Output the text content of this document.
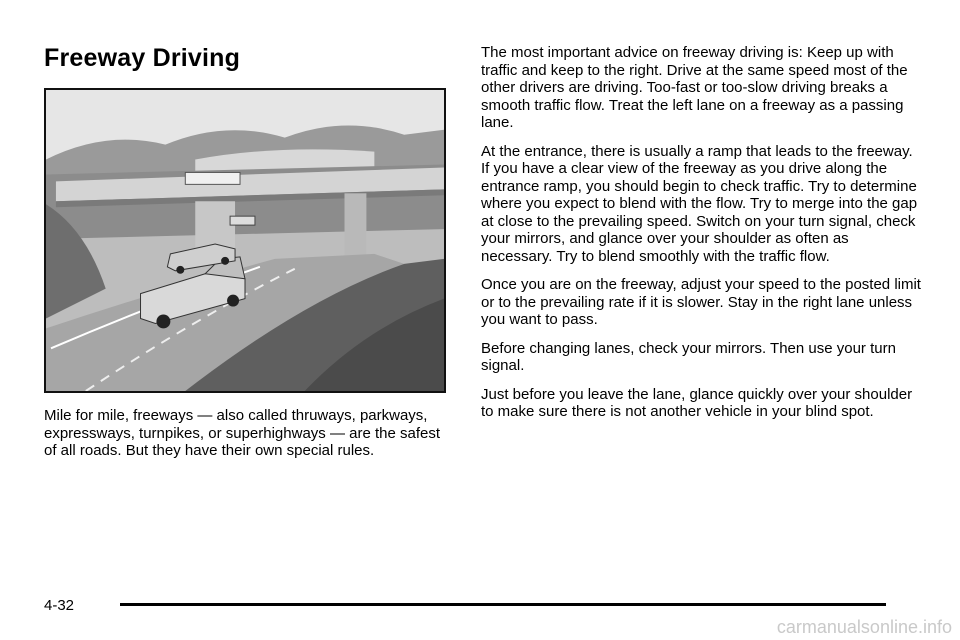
Freeway Driving

Mile for mile, freeways — also called thruways, parkways, expressways, turnpikes, or superhighways — are the safest of all roads. But they have their own special rules.

The most important advice on freeway driving is: Keep up with traffic and keep to the right. Drive at the same speed most of the other drivers are driving. Too-fast or too-slow driving breaks a smooth traffic flow. Treat the left lane on a freeway as a passing lane.

At the entrance, there is usually a ramp that leads to the freeway. If you have a clear view of the freeway as you drive along the entrance ramp, you should begin to check traffic. Try to determine where you expect to blend with the flow. Try to merge into the gap at close to the prevailing speed. Switch on your turn signal, check your mirrors, and glance over your shoulder as often as necessary. Try to blend smoothly with the traffic flow.

Once you are on the freeway, adjust your speed to the posted limit or to the prevailing rate if it is slower. Stay in the right lane unless you want to pass.

Before changing lanes, check your mirrors. Then use your turn signal.

Just before you leave the lane, glance quickly over your shoulder to make sure there is not another vehicle in your blind spot.

4-32
carmanualsonline.info
